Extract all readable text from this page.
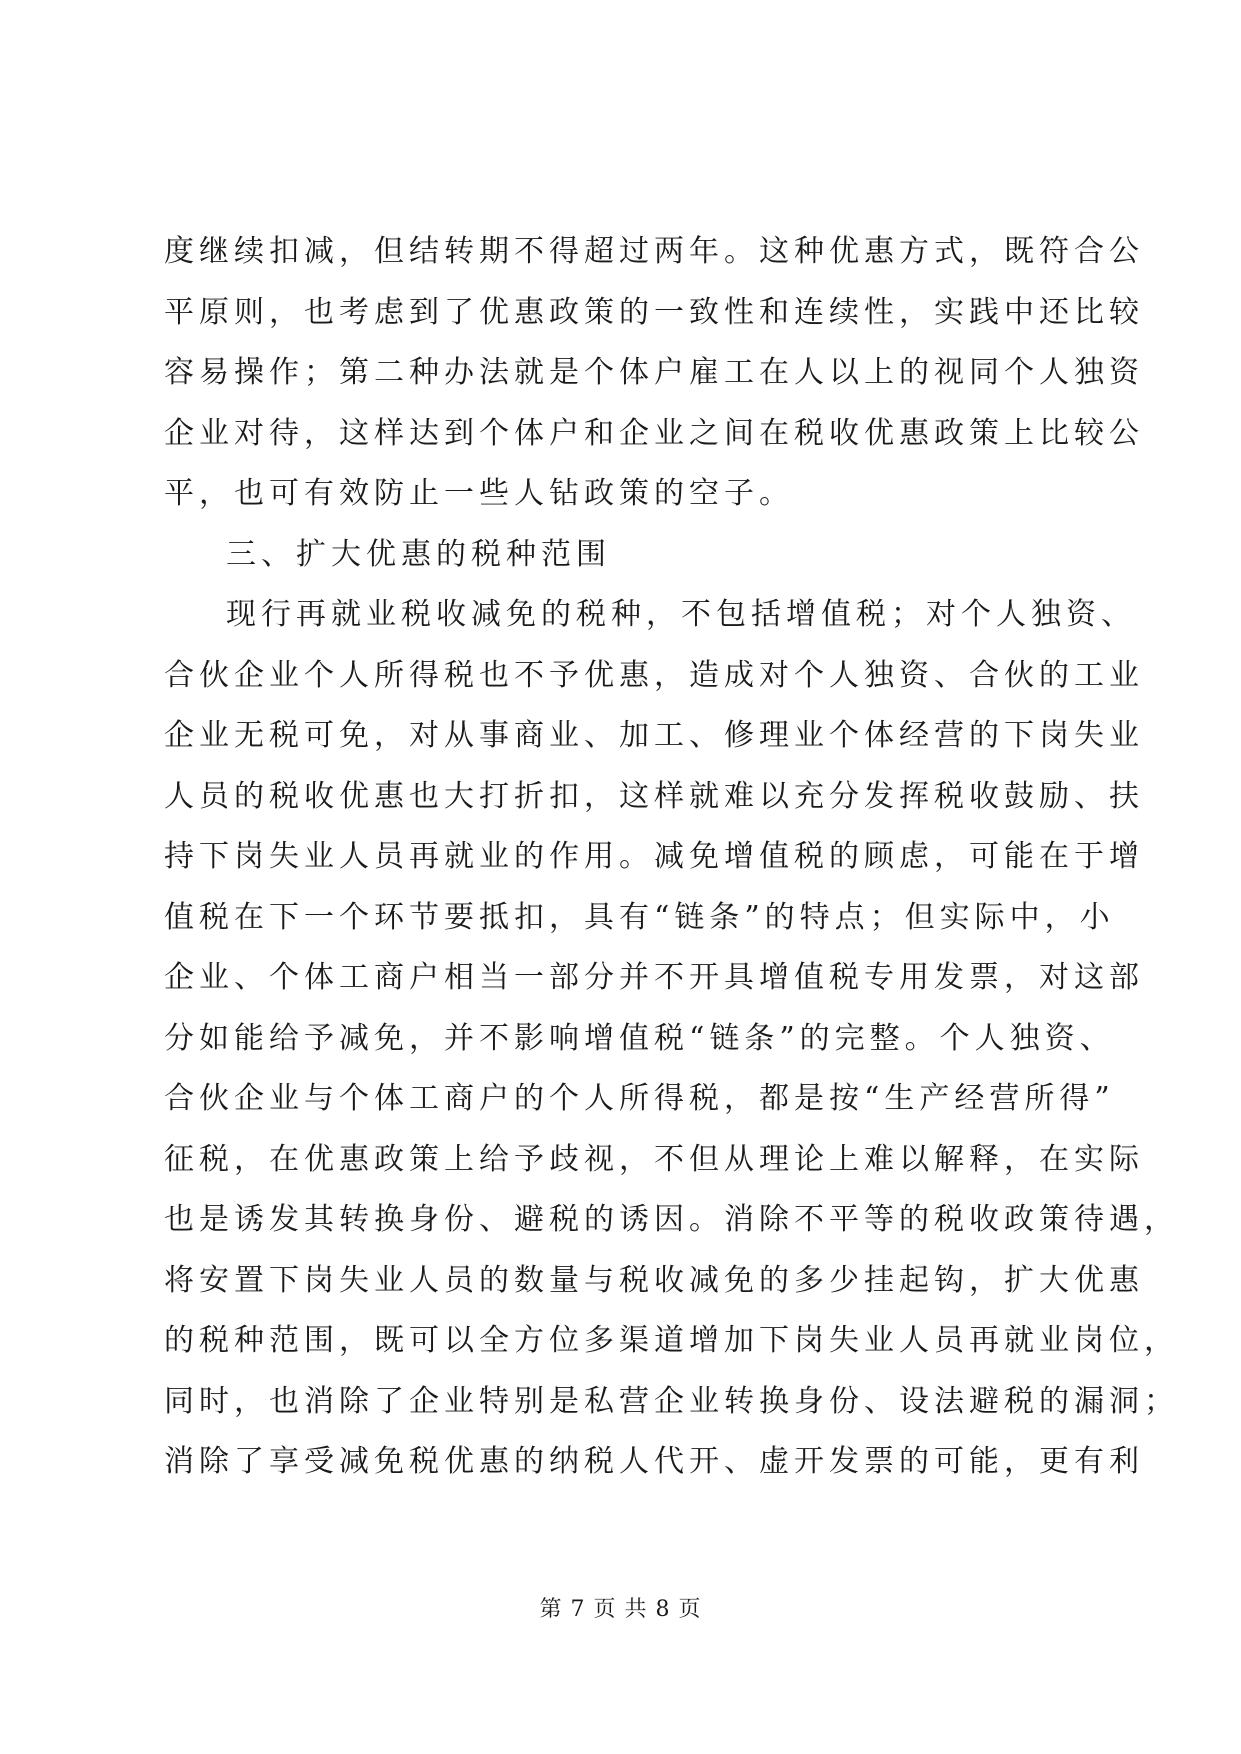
度继续扣减，但结转期不得超过两年。这种优惠方式，既符合公
平原则，也考虑到了优惠政策的一致性和连续性，实践中还比较
容易操作；第二种办法就是个体户雇工在人以上的视同个人独资
企业对待，这样达到个体户和企业之间在税收优惠政策上比较公
平，也可有效防止一些人钻政策的空子。
三、扩大优惠的税种范围
现行再就业税收减免的税种，不包括增值税；对个人独资、
合伙企业个人所得税也不予优惠，造成对个人独资、合伙的工业
企业无税可免，对从事商业、加工、修理业个体经营的下岗失业
人员的税收优惠也大打折扣，这样就难以充分发挥税收鼓励、扶
持下岗失业人员再就业的作用。减免增值税的顾虑，可能在于增
值税在下一个环节要抵扣，具有“链条”的特点；但实际中，小
企业、个体工商户相当一部分并不开具增值税专用发票，对这部
分如能给予减免，并不影响增值税“链条”的完整。个人独资、
合伙企业与个体工商户的个人所得税，都是按“生产经营所得”
征税，在优惠政策上给予歧视，不但从理论上难以解释，在实际
也是诱发其转换身份、避税的诱因。消除不平等的税收政策待遇，
将安置下岗失业人员的数量与税收减免的多少挂起钩，扩大优惠
的税种范围，既可以全方位多渠道增加下岗失业人员再就业岗位，
同时，也消除了企业特别是私营企业转换身份、设法避税的漏洞；
消除了享受减免税优惠的纳税人代开、虚开发票的可能，更有利
第 7 页 共 8 页
